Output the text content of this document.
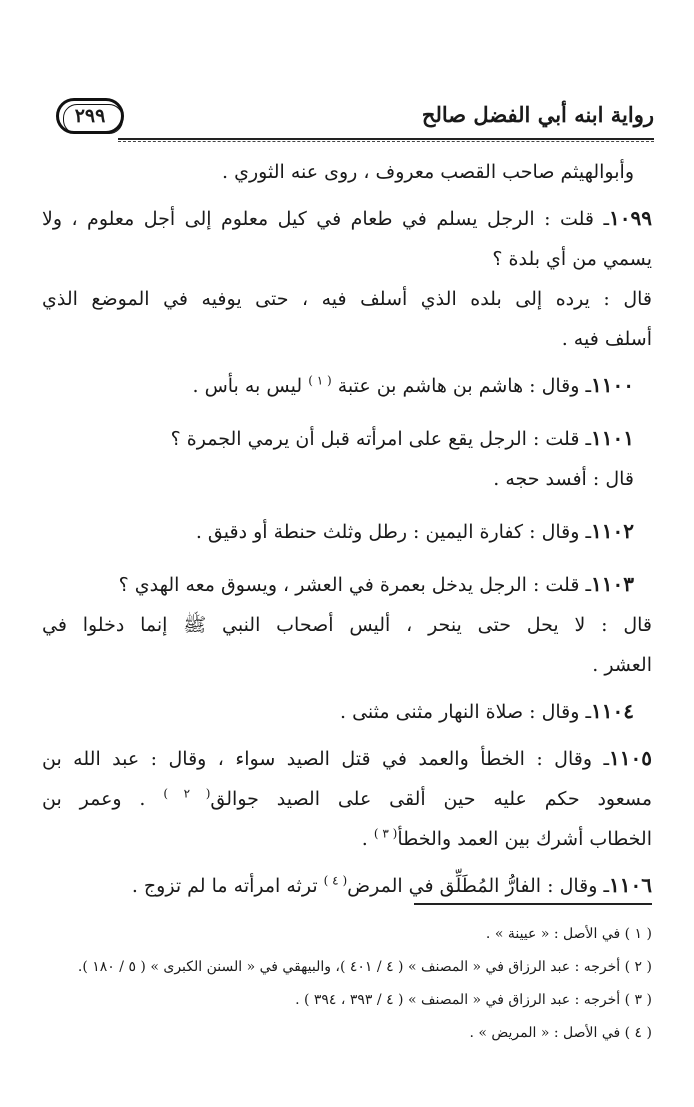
رواية ابنه أبي الفضل صالح
٢٩٩
وأبوالهيثم صاحب القصب معروف ، روى عنه الثوري .
١٠٩٩ـ قلت : الرجل يسلم في طعام في كيل معلوم إلى أجل معلوم ، ولا
يسمي من أي بلدة ؟
قال : يرده إلى بلده الذي أسلف فيه ، حتى يوفيه في الموضع الذي
أسلف فيه .
١١٠٠ـ وقال : هاشم بن هاشم بن عتبة $^{( ١ )}$ ليس به بأس .
١١٠١ـ قلت : الرجل يقع على امرأته قبل أن يرمي الجمرة ؟
قال : أفسد حجه .
١١٠٢ـ وقال : كفارة اليمين : رطل وثلث حنطة أو دقيق .
١١٠٣ـ قلت : الرجل يدخل بعمرة في العشر ، ويسوق معه الهدي ؟
قال : لا يحل حتى ينحر ، أليس أصحاب النبي ﷺ إنما دخلوا في
العشر .
١١٠٤ـ وقال : صلاة النهار مثنى مثنى .
١١٠٥ـ وقال : الخطأ والعمد في قتل الصيد سواء ، وقال : عبد الله بن
مسعود حكم عليه حين ألقى على الصيد جوالق$^{( ٢ )}$ . وعمر بن
الخطاب أشرك بين العمد والخطأ$^{( ٣ )}$ .
١١٠٦ـ وقال : الفارُّ المُطَلِّق في المرض$^{( ٤ )}$ ترثه امرأته ما لم تزوج .
( ١ ) في الأصل : « عيينة » .
( ٢ ) أخرجه : عبد الرزاق في « المصنف » ( ٤ / ٤٠١ )، والبيهقي في « السنن الكبرى » ( ٥ / ١٨٠ ).
( ٣ ) أخرجه : عبد الرزاق في « المصنف » ( ٤ / ٣٩٣ ، ٣٩٤ ) .
( ٤ ) في الأصل : « المريض » .
